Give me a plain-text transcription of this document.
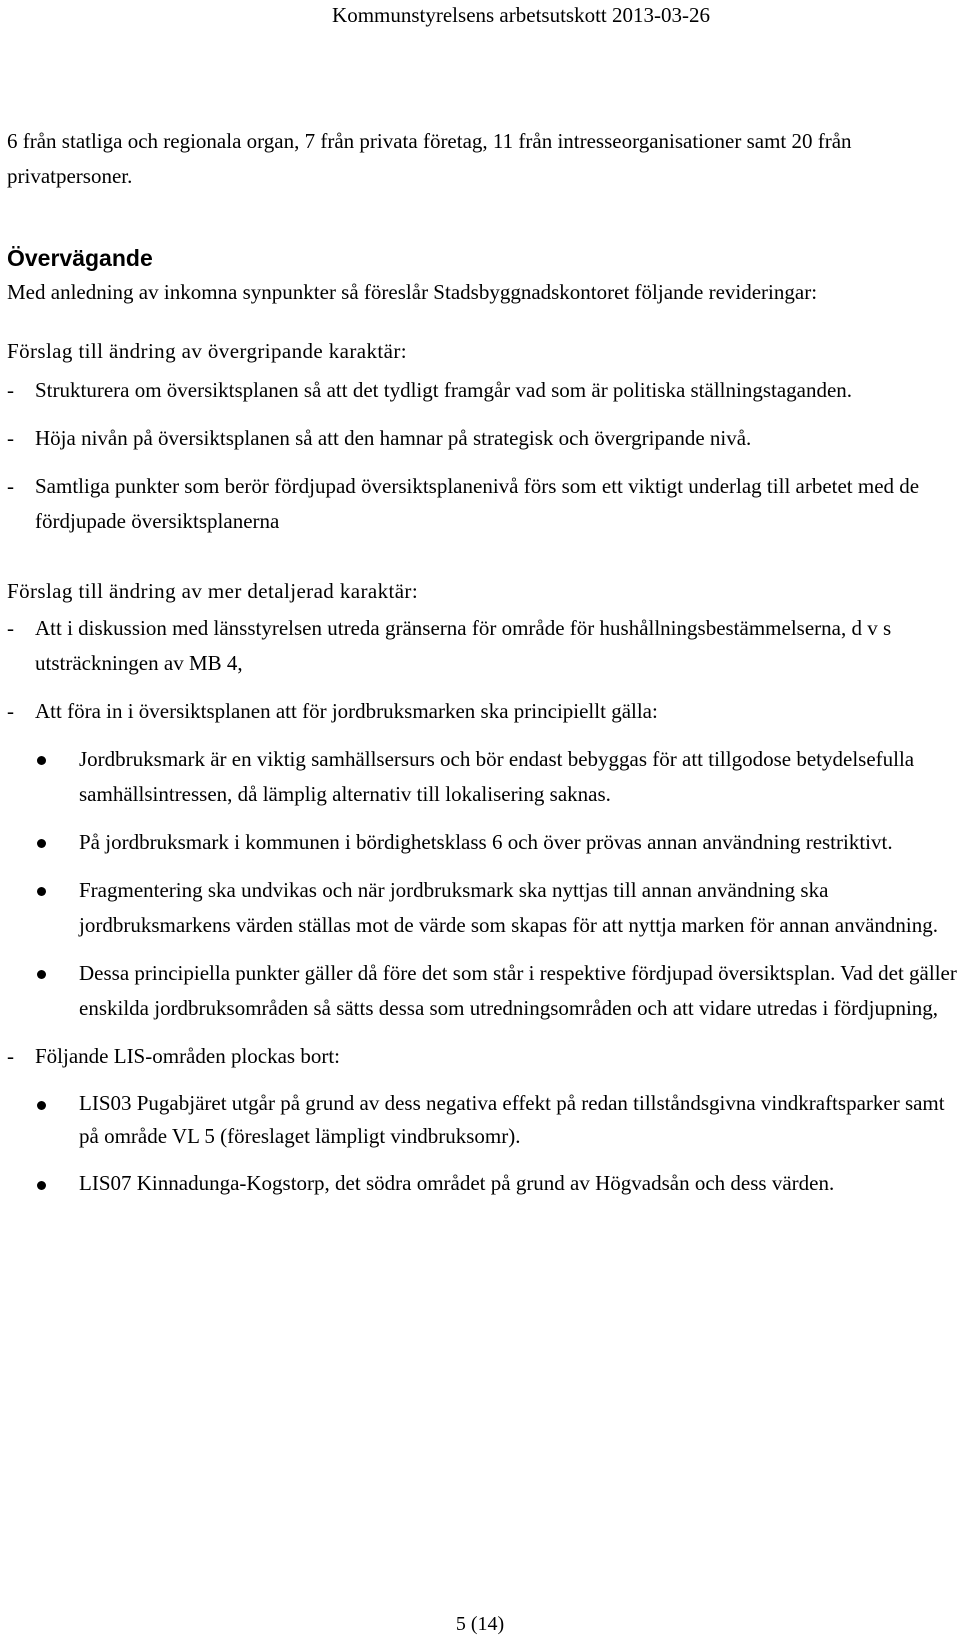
Kommunstyrelsens arbetsutskott 2013-03-26

6 från statliga och regionala organ, 7 från privata företag, 11 från intresseorganisationer samt 20 från privatpersoner.

Övervägande

Med anledning av inkomna synpunkter så föreslår Stadsbyggnadskontoret följande revideringar:

Förslag till ändring av övergripande karaktär:

- Strukturera om översiktsplanen så att det tydligt framgår vad som är politiska ställningstaganden.
- Höja nivån på översiktsplanen så att den hamnar på strategisk och övergripande nivå.
- Samtliga punkter som berör fördjupad översiktsplanenivå förs som ett viktigt underlag till arbetet med de fördjupade översiktsplanerna

Förslag till ändring av mer detaljerad karaktär:

- Att i diskussion med länsstyrelsen utreda gränserna för område för hushållningsbestämmelserna, d v s utsträckningen av MB 4,
- Att föra in i översiktsplanen att för jordbruksmarken ska principiellt gälla:
Jordbruksmark är en viktig samhällsersurs och bör endast bebyggas för att tillgodose betydelsefulla samhällsintressen, då lämplig alternativ till lokalisering saknas.
På jordbruksmark i kommunen i bördighetsklass 6 och över prövas annan användning restriktivt.
Fragmentering ska undvikas och när jordbruksmark ska nyttjas till annan användning ska jordbruksmarkens värden ställas mot de värde som skapas för att nyttja marken för annan användning.
Dessa principiella punkter gäller då före det som står i respektive fördjupad översiktsplan. Vad det gäller enskilda jordbruksområden så sätts dessa som utredningsområden och att vidare utredas i fördjupning,
- Följande LIS-områden plockas bort:
LIS03 Pugabjäret utgår på grund av dess negativa effekt på redan tillståndsgivna vindkraftsparker samt på område VL 5 (föreslaget lämpligt vindbruksomr).
LIS07 Kinnadunga-Kogstorp, det södra området på grund av Högvadsån och dess värden.
5 (14)
